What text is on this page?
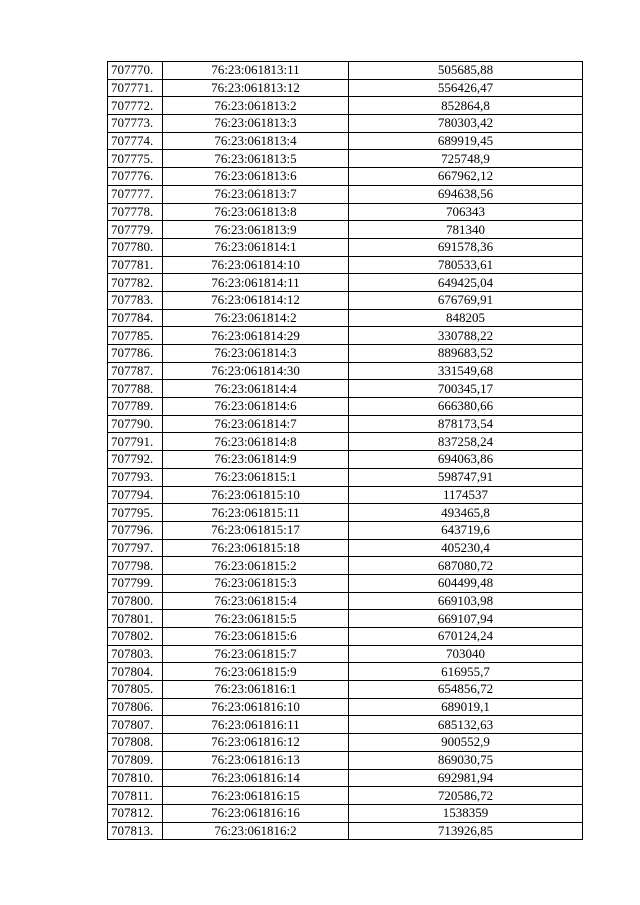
707770.	76:23:061813:11	505685,88
707771.	76:23:061813:12	556426,47
707772.	76:23:061813:2	852864,8
707773.	76:23:061813:3	780303,42
707774.	76:23:061813:4	689919,45
707775.	76:23:061813:5	725748,9
707776.	76:23:061813:6	667962,12
707777.	76:23:061813:7	694638,56
707778.	76:23:061813:8	706343
707779.	76:23:061813:9	781340
707780.	76:23:061814:1	691578,36
707781.	76:23:061814:10	780533,61
707782.	76:23:061814:11	649425,04
707783.	76:23:061814:12	676769,91
707784.	76:23:061814:2	848205
707785.	76:23:061814:29	330788,22
707786.	76:23:061814:3	889683,52
707787.	76:23:061814:30	331549,68
707788.	76:23:061814:4	700345,17
707789.	76:23:061814:6	666380,66
707790.	76:23:061814:7	878173,54
707791.	76:23:061814:8	837258,24
707792.	76:23:061814:9	694063,86
707793.	76:23:061815:1	598747,91
707794.	76:23:061815:10	1174537
707795.	76:23:061815:11	493465,8
707796.	76:23:061815:17	643719,6
707797.	76:23:061815:18	405230,4
707798.	76:23:061815:2	687080,72
707799.	76:23:061815:3	604499,48
707800.	76:23:061815:4	669103,98
707801.	76:23:061815:5	669107,94
707802.	76:23:061815:6	670124,24
707803.	76:23:061815:7	703040
707804.	76:23:061815:9	616955,7
707805.	76:23:061816:1	654856,72
707806.	76:23:061816:10	689019,1
707807.	76:23:061816:11	685132,63
707808.	76:23:061816:12	900552,9
707809.	76:23:061816:13	869030,75
707810.	76:23:061816:14	692981,94
707811.	76:23:061816:15	720586,72
707812.	76:23:061816:16	1538359
707813.	76:23:061816:2	713926,85
